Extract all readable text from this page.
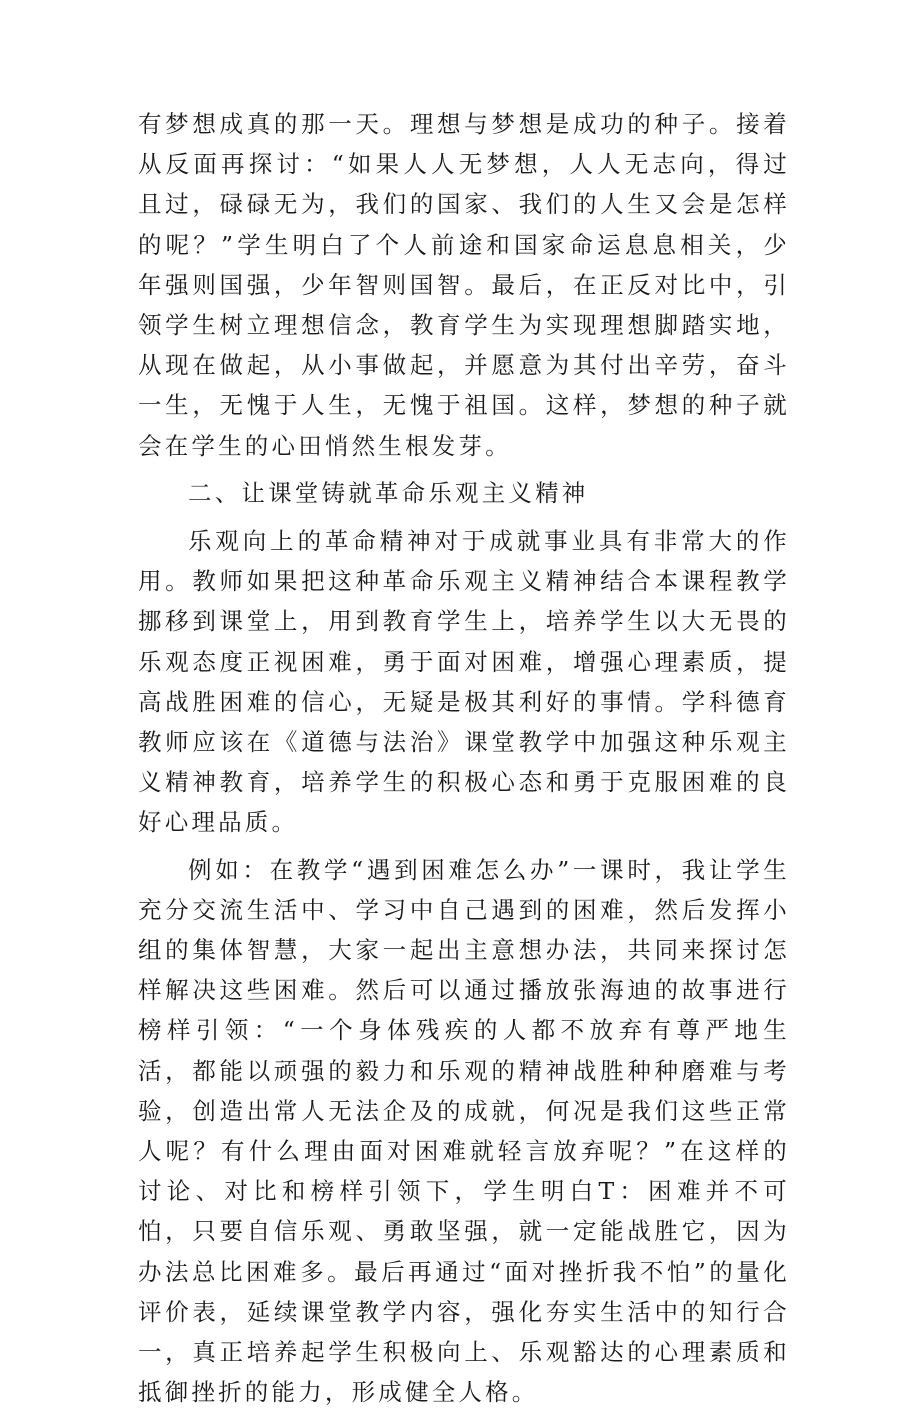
有梦想成真的那一天。理想与梦想是成功的种子。接着从反面再探讨：“如果人人无梦想，人人无志向，得过且过，碌碌无为，我们的国家、我们的人生又会是怎样的呢？”学生明白了个人前途和国家命运息息相关，少年强则国强，少年智则国智。最后，在正反对比中，引领学生树立理想信念，教育学生为实现理想脚踏实地，从现在做起，从小事做起，并愿意为其付出辛劳，奋斗一生，无愧于人生，无愧于祖国。这样，梦想的种子就会在学生的心田悄然生根发芽。

二、让课堂铸就革命乐观主义精神

乐观向上的革命精神对于成就事业具有非常大的作用。教师如果把这种革命乐观主义精神结合本课程教学挪移到课堂上，用到教育学生上，培养学生以大无畏的乐观态度正视困难，勇于面对困难，增强心理素质，提高战胜困难的信心，无疑是极其利好的事情。学科德育教师应该在《道德与法治》课堂教学中加强这种乐观主义精神教育，培养学生的积极心态和勇于克服困难的良好心理品质。

例如：在教学“遇到困难怎么办”一课时，我让学生充分交流生活中、学习中自己遇到的困难，然后发挥小组的集体智慧，大家一起出主意想办法，共同来探讨怎样解决这些困难。然后可以通过播放张海迪的故事进行榜样引领：“一个身体残疾的人都不放弃有尊严地生活，都能以顽强的毅力和乐观的精神战胜种种磨难与考验，创造出常人无法企及的成就，何况是我们这些正常人呢？有什么理由面对困难就轻言放弃呢？”在这样的讨论、对比和榜样引领下，学生明白T：困难并不可怕，只要自信乐观、勇敢坚强，就一定能战胜它，因为办法总比困难多。最后再通过“面对挫折我不怕”的量化评价表，延续课堂教学内容，强化夯实生活中的知行合一，真正培养起学生积极向上、乐观豁达的心理素质和抵御挫折的能力，形成健全人格。
